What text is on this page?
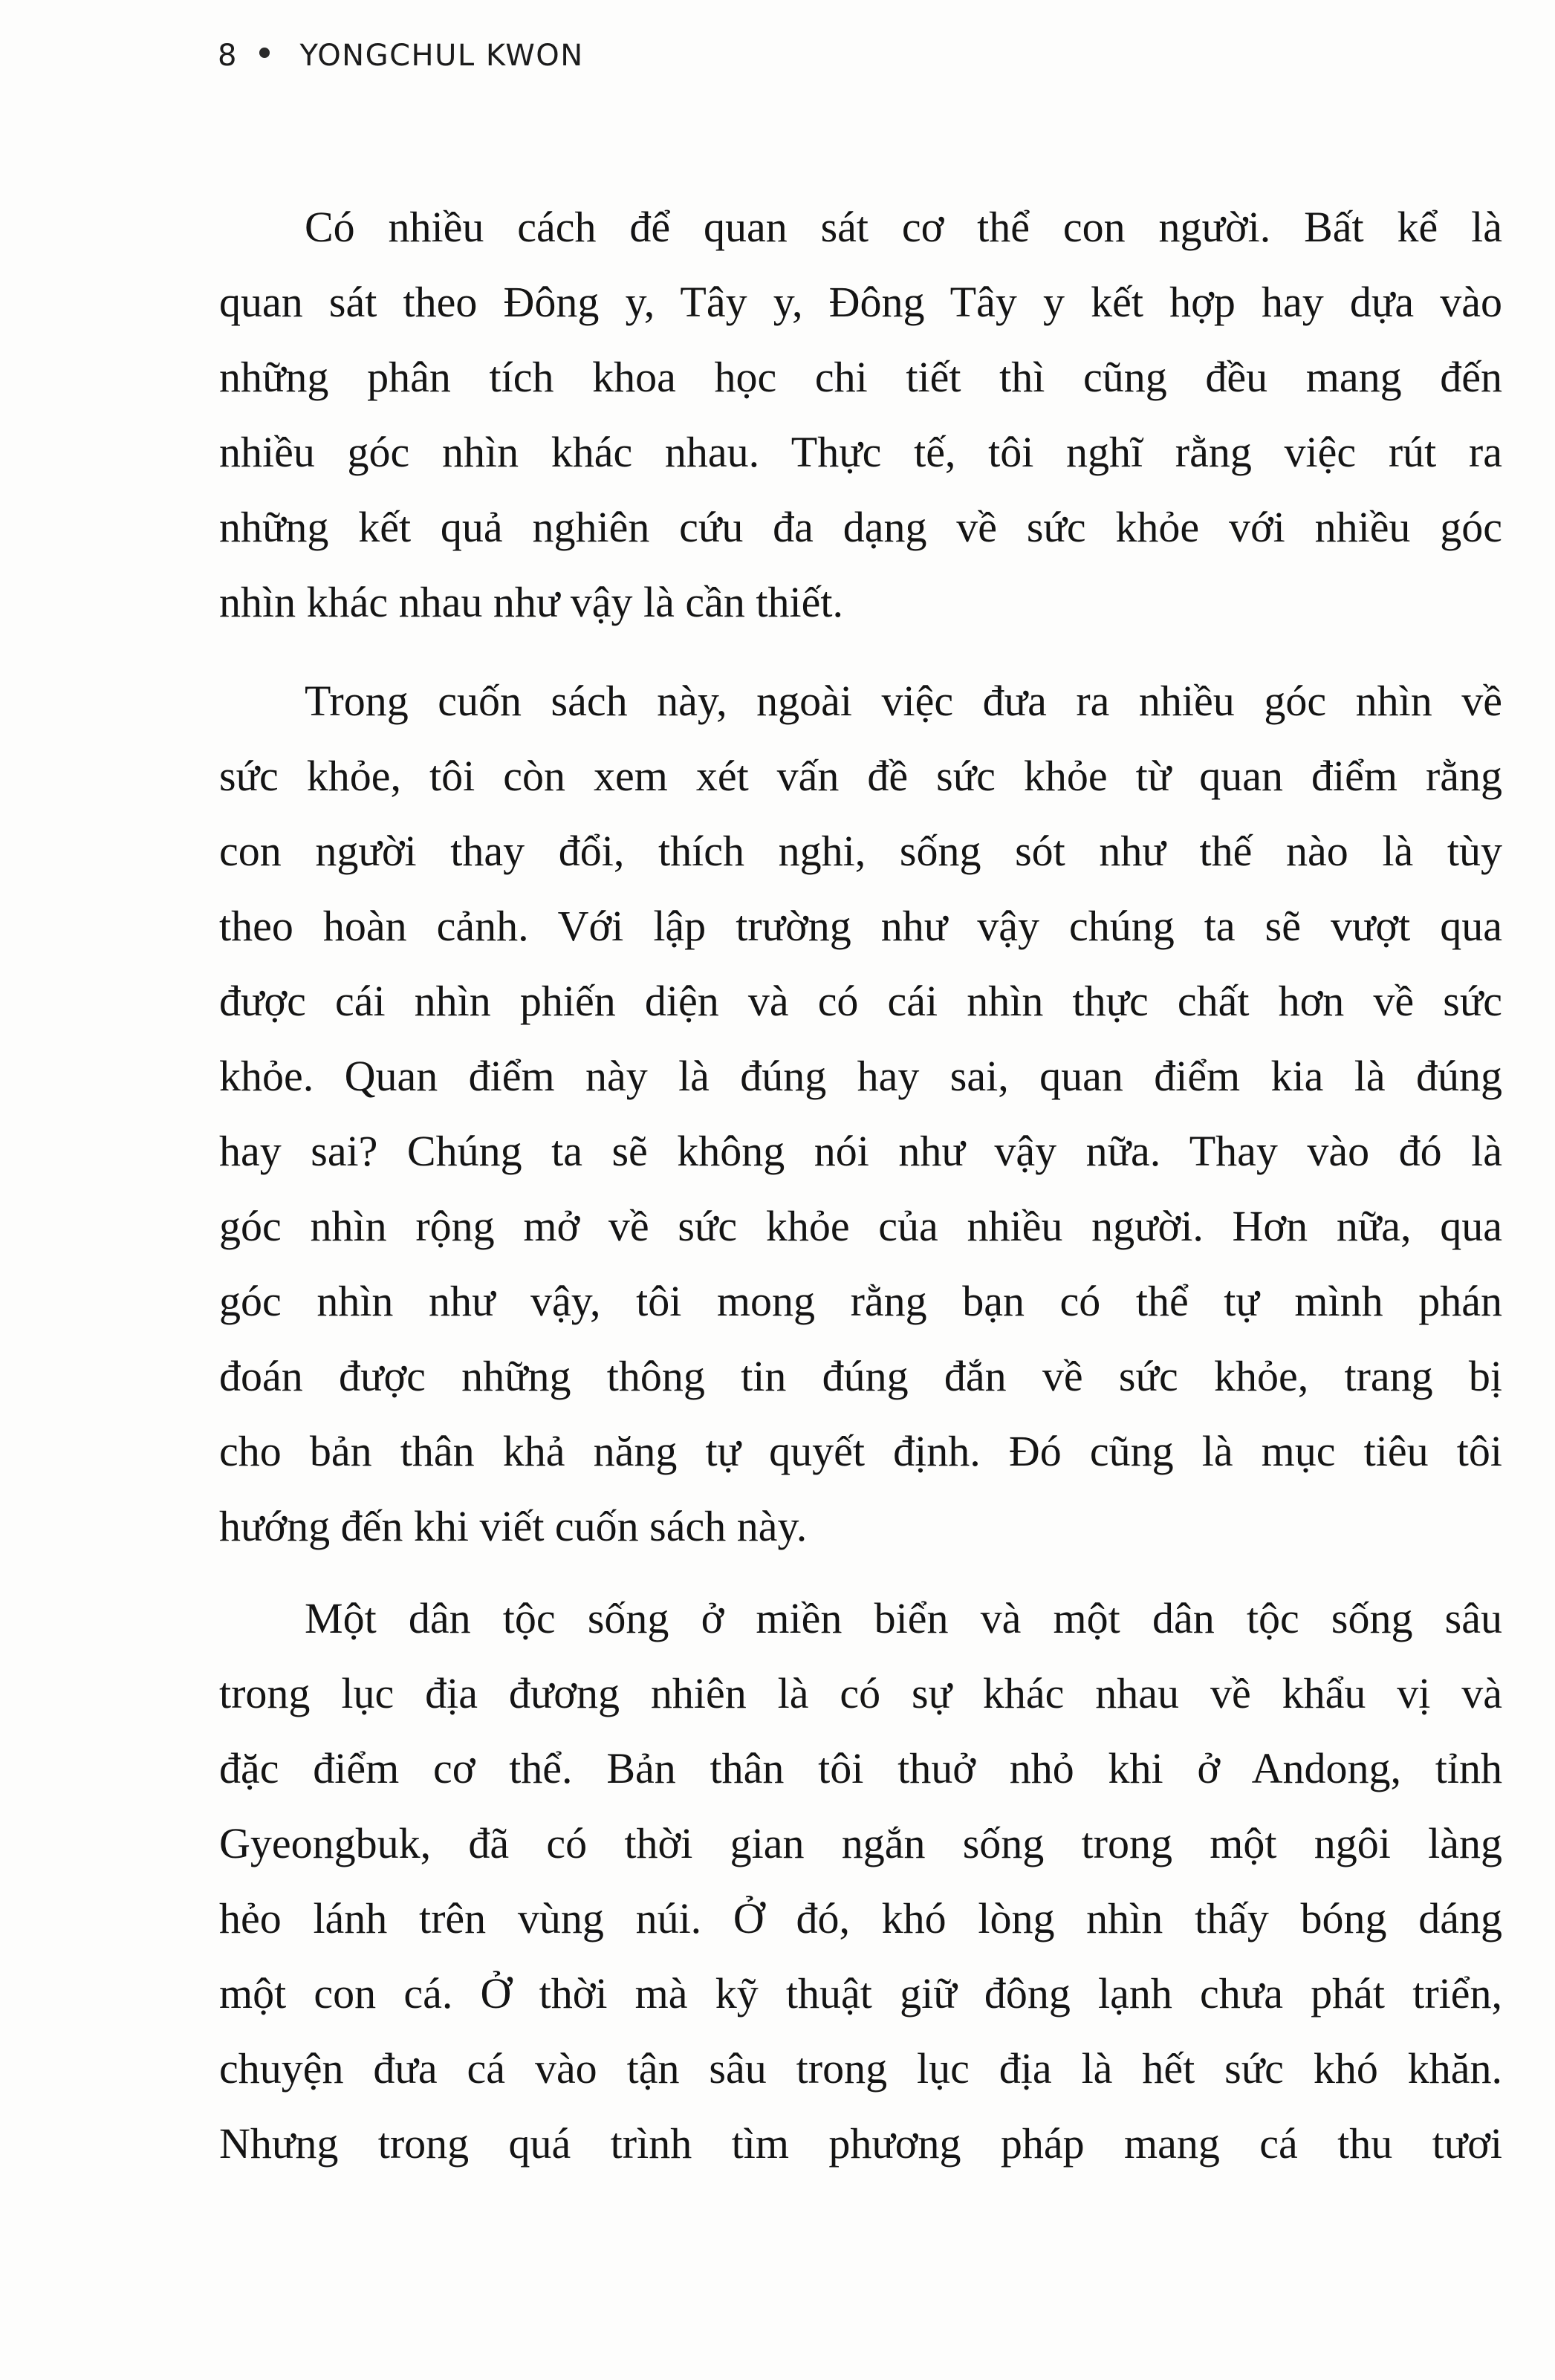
8 YONGCHUL KWON
Có nhiều cách để quan sát cơ thể con người. Bất kể là
quan sát theo Đông y, Tây y, Đông Tây y kết hợp hay dựa vào
những phân tích khoa học chi tiết thì cũng đều mang đến
nhiều góc nhìn khác nhau. Thực tế, tôi nghĩ rằng việc rút ra
những kết quả nghiên cứu đa dạng về sức khỏe với nhiều góc
nhìn khác nhau như vậy là cần thiết.
Trong cuốn sách này, ngoài việc đưa ra nhiều góc nhìn về
sức khỏe, tôi còn xem xét vấn đề sức khỏe từ quan điểm rằng
con người thay đổi, thích nghi, sống sót như thế nào là tùy
theo hoàn cảnh. Với lập trường như vậy chúng ta sẽ vượt qua
được cái nhìn phiến diện và có cái nhìn thực chất hơn về sức
khỏe. Quan điểm này là đúng hay sai, quan điểm kia là đúng
hay sai? Chúng ta sẽ không nói như vậy nữa. Thay vào đó là
góc nhìn rộng mở về sức khỏe của nhiều người. Hơn nữa, qua
góc nhìn như vậy, tôi mong rằng bạn có thể tự mình phán
đoán được những thông tin đúng đắn về sức khỏe, trang bị
cho bản thân khả năng tự quyết định. Đó cũng là mục tiêu tôi
hướng đến khi viết cuốn sách này.
Một dân tộc sống ở miền biển và một dân tộc sống sâu
trong lục địa đương nhiên là có sự khác nhau về khẩu vị và
đặc điểm cơ thể. Bản thân tôi thuở nhỏ khi ở Andong, tỉnh
Gyeongbuk, đã có thời gian ngắn sống trong một ngôi làng
hẻo lánh trên vùng núi. Ở đó, khó lòng nhìn thấy bóng dáng
một con cá. Ở thời mà kỹ thuật giữ đông lạnh chưa phát triển,
chuyện đưa cá vào tận sâu trong lục địa là hết sức khó khăn.
Nhưng trong quá trình tìm phương pháp mang cá thu tươi
